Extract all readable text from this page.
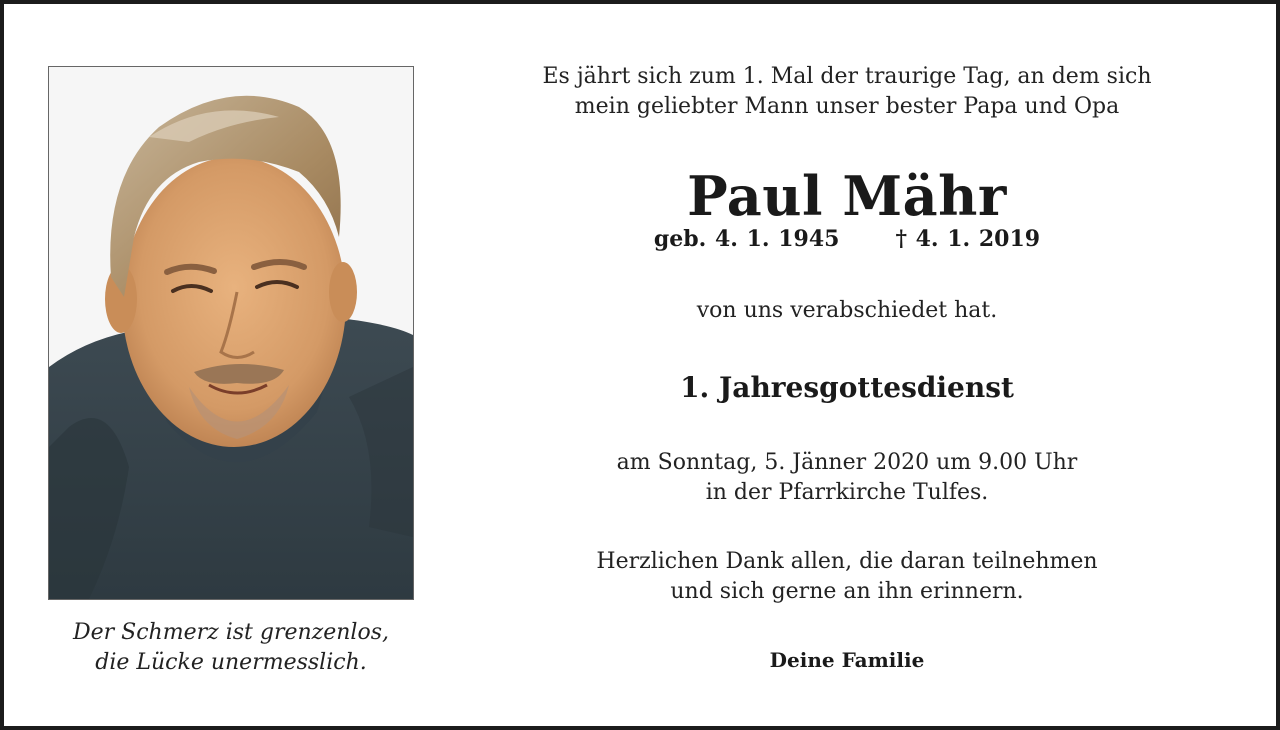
Der Schmerz ist grenzenlos,
die Lücke unermesslich.
Es jährt sich zum 1. Mal der traurige Tag, an dem sich
mein geliebter Mann unser bester Papa und Opa
Paul Mähr
geb. 4. 1. 1945	† 4. 1. 2019
von uns verabschiedet hat.
1. Jahresgottesdienst
am Sonntag, 5. Jänner 2020 um 9.00 Uhr
in der Pfarrkirche Tulfes.
Herzlichen Dank allen, die daran teilnehmen
und sich gerne an ihn erinnern.
Deine Familie
